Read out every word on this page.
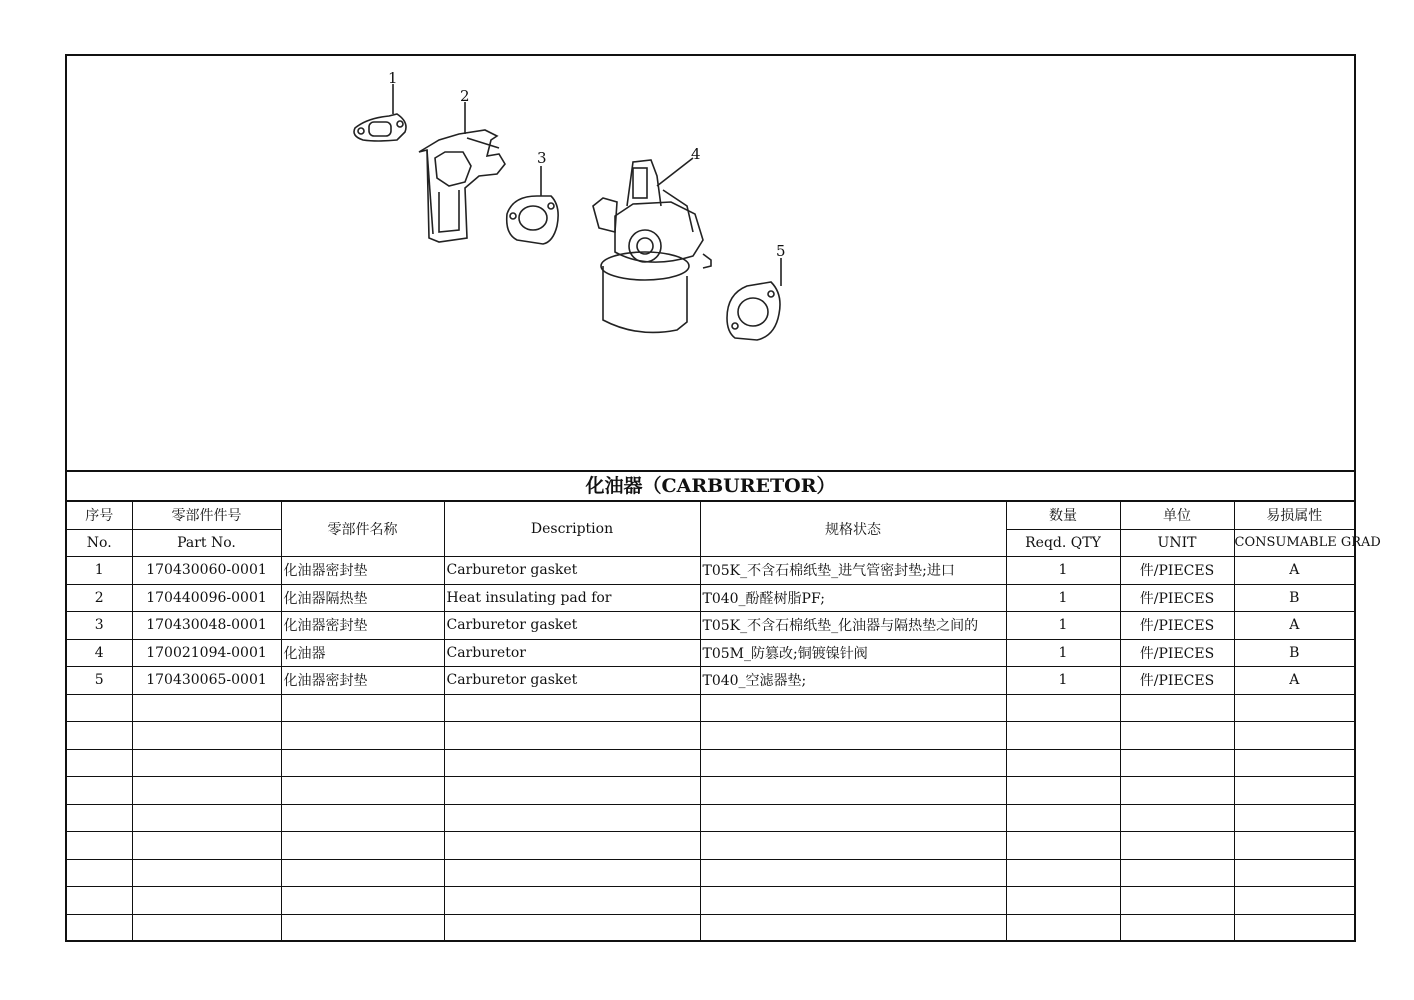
1
2
3	4
5
化油器（CARBURETOR）
序号	零部件件号	零部件名称	Description	规格状态	数量	单位	易损属性
No.	Part No.				Reqd. QTY	UNIT	CONSUMABLE GRAD
1	170430060-0001	化油器密封垫	Carburetor gasket	T05K_不含石棉纸垫_进气管密封垫;进口	1	件/PIECES	A
2	170440096-0001	化油器隔热垫	Heat insulating pad for	T040_酚醛树脂PF;	1	件/PIECES	B
3	170430048-0001	化油器密封垫	Carburetor gasket	T05K_不含石棉纸垫_化油器与隔热垫之间的	1	件/PIECES	A
4	170021094-0001	化油器	Carburetor	T05M_防篡改;铜镀镍针阀	1	件/PIECES	B
5	170430065-0001	化油器密封垫	Carburetor gasket	T040_空滤器垫;	1	件/PIECES	A
